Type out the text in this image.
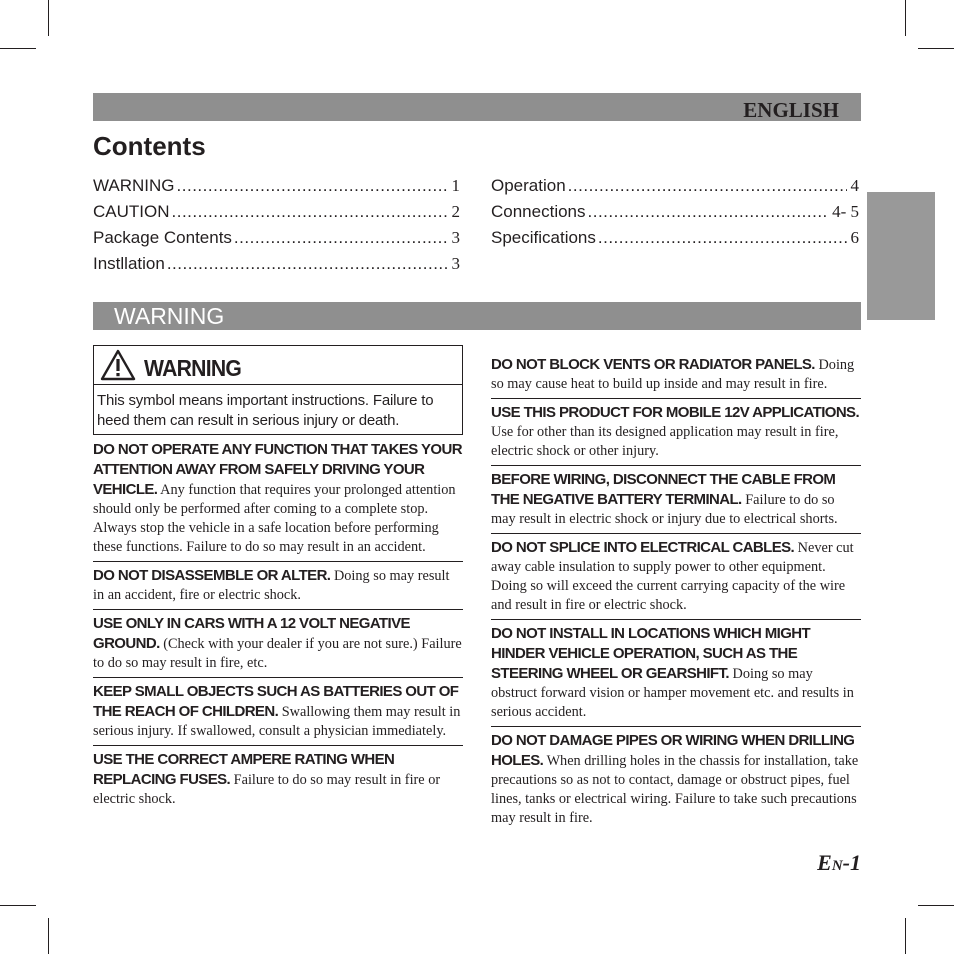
ENGLISH
Contents
WARNING .....	1
CAUTION .....	2
Package Contents .....	3
Instllation .....	3
Operation .....	4
Connections .....	4- 5
Specifications .....	6
WARNING
WARNING
This symbol means important instructions. Failure to heed them can result in serious injury or death.

DO NOT OPERATE ANY FUNCTION THAT TAKES YOUR ATTENTION AWAY FROM SAFELY DRIVING YOUR VEHICLE. Any function that requires your prolonged attention should only be performed after coming to a complete stop. Always stop the vehicle in a safe location before performing these functions. Failure to do so may result in an accident.

DO NOT DISASSEMBLE OR ALTER. Doing so may result in an accident, fire or electric shock.

USE ONLY IN CARS WITH A 12 VOLT NEGATIVE GROUND. (Check with your dealer if you are not sure.) Failure to do so may result in fire, etc.

KEEP SMALL OBJECTS SUCH AS BATTERIES OUT OF THE REACH OF CHILDREN. Swallowing them may result in serious injury. If swallowed, consult a physician immediately.

USE THE CORRECT AMPERE RATING WHEN REPLACING FUSES. Failure to do so may result in fire or electric shock.

DO NOT BLOCK VENTS OR RADIATOR PANELS. Doing so may cause heat to build up inside and may result in fire.

USE THIS PRODUCT FOR MOBILE 12V APPLICATIONS. Use for other than its designed application may result in fire, electric shock or other injury.

BEFORE WIRING, DISCONNECT THE CABLE FROM THE NEGATIVE BATTERY TERMINAL. Failure to do so may result in electric shock or injury due to electrical shorts.

DO NOT SPLICE INTO ELECTRICAL CABLES. Never cut away cable insulation to supply power to other equipment. Doing so will exceed the current carrying capacity of the wire and result in fire or electric shock.

DO NOT INSTALL IN LOCATIONS WHICH MIGHT HINDER VEHICLE OPERATION, SUCH AS THE STEERING WHEEL OR GEARSHIFT. Doing so may obstruct forward vision or hamper movement etc. and results in serious accident.

DO NOT DAMAGE PIPES OR WIRING WHEN DRILLING HOLES. When drilling holes in the chassis for installation, take precautions so as not to contact, damage or obstruct pipes, fuel lines, tanks or electrical wiring. Failure to take such precautions may result in fire.

EN-1
